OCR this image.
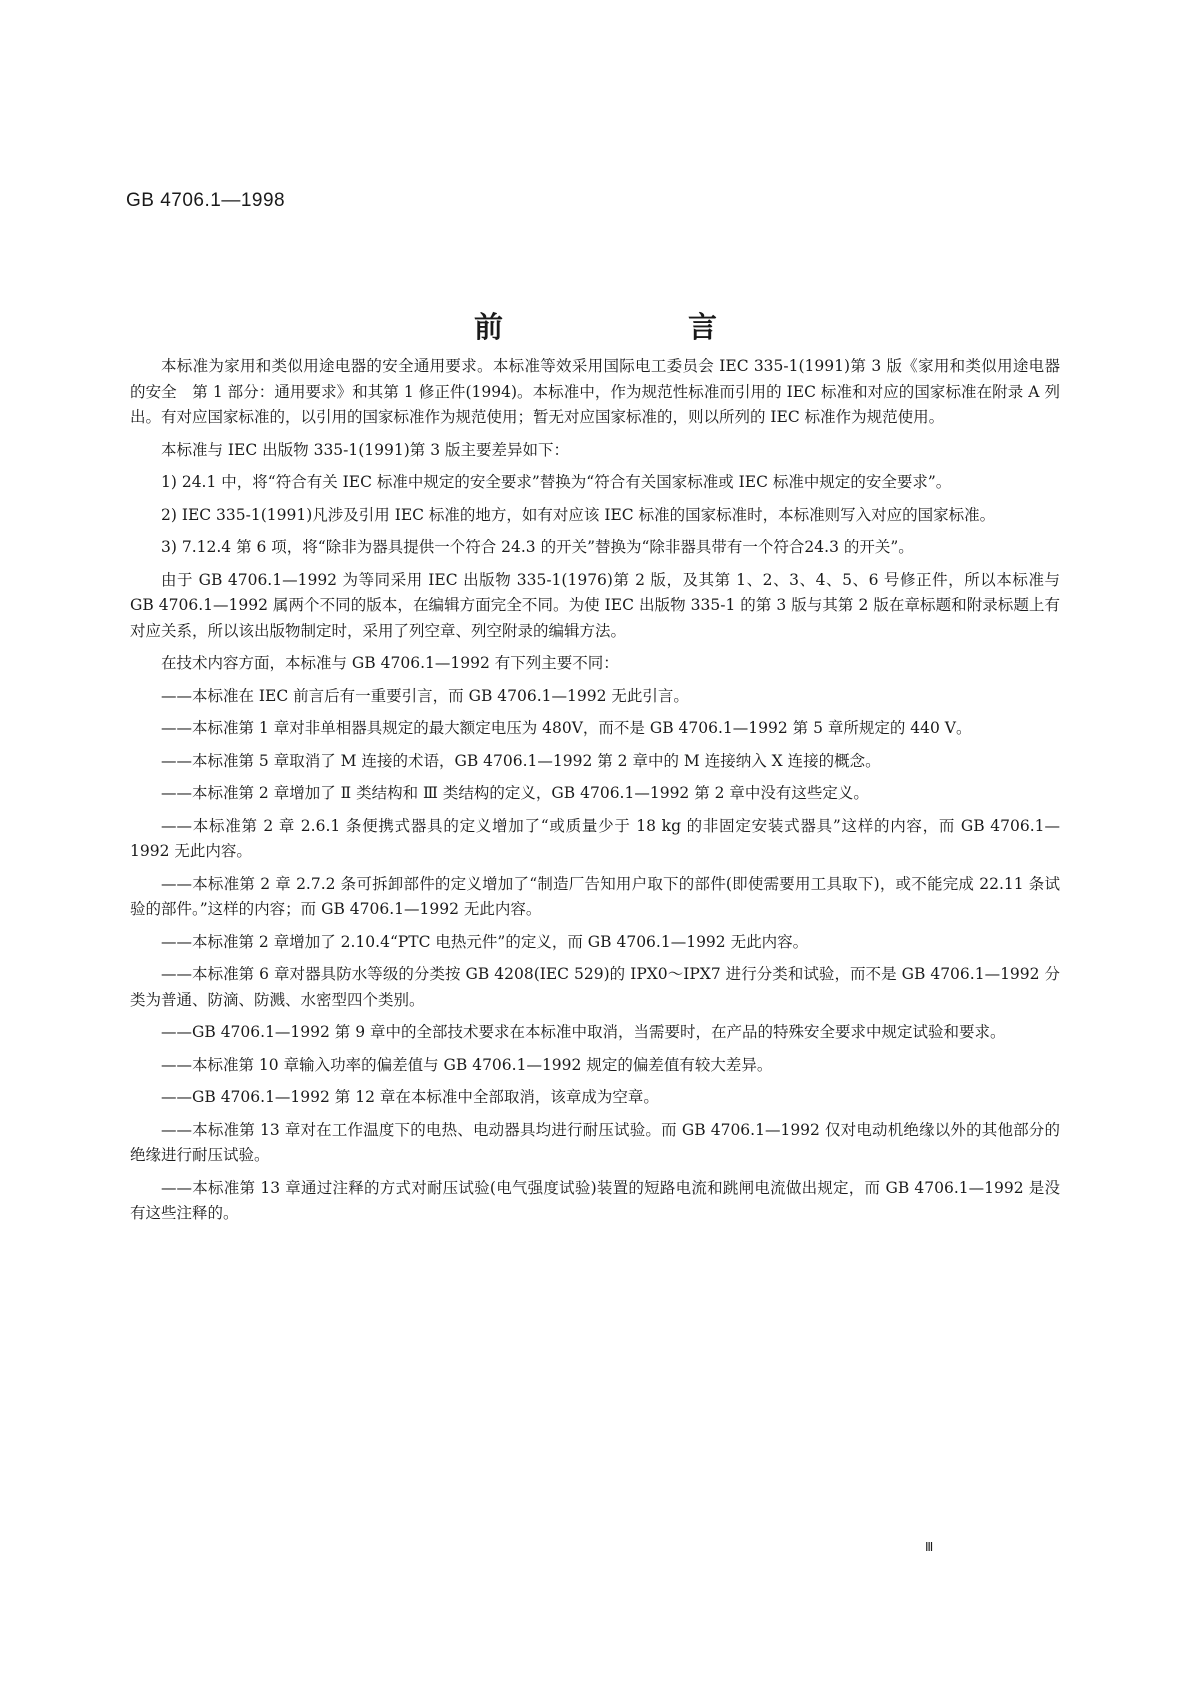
GB 4706.1—1998
前　言

本标准为家用和类似用途电器的安全通用要求。本标准等效采用国际电工委员会 IEC 335-1(1991)第 3 版《家用和类似用途电器的安全　第 1 部分：通用要求》和其第 1 修正件(1994)。本标准中，作为规范性标准而引用的 IEC 标准和对应的国家标准在附录 A 列出。有对应国家标准的，以引用的国家标准作为规范使用；暂无对应国家标准的，则以所列的 IEC 标准作为规范使用。

本标准与 IEC 出版物 335-1(1991)第 3 版主要差异如下：

1) 24.1 中，将“符合有关 IEC 标准中规定的安全要求”替换为“符合有关国家标准或 IEC 标准中规定的安全要求”。

2) IEC 335-1(1991)凡涉及引用 IEC 标准的地方，如有对应该 IEC 标准的国家标准时，本标准则写入对应的国家标准。

3) 7.12.4 第 6 项，将“除非为器具提供一个符合 24.3 的开关”替换为“除非器具带有一个符合24.3 的开关”。

由于 GB 4706.1—1992 为等同采用 IEC 出版物 335-1(1976)第 2 版，及其第 1、2、3、4、5、6 号修正件，所以本标准与 GB 4706.1—1992 属两个不同的版本，在编辑方面完全不同。为使 IEC 出版物 335-1 的第 3 版与其第 2 版在章标题和附录标题上有对应关系，所以该出版物制定时，采用了列空章、列空附录的编辑方法。

在技术内容方面，本标准与 GB 4706.1—1992 有下列主要不同：

——本标准在 IEC 前言后有一重要引言，而 GB 4706.1—1992 无此引言。

——本标准第 1 章对非单相器具规定的最大额定电压为 480V，而不是 GB 4706.1—1992 第 5 章所规定的 440 V。

——本标准第 5 章取消了 M 连接的术语，GB 4706.1—1992 第 2 章中的 M 连接纳入 X 连接的概念。

——本标准第 2 章增加了 Ⅱ 类结构和 Ⅲ 类结构的定义，GB 4706.1—1992 第 2 章中没有这些定义。

——本标准第 2 章 2.6.1 条便携式器具的定义增加了“或质量少于 18 kg 的非固定安装式器具”这样的内容，而 GB 4706.1—1992 无此内容。

——本标准第 2 章 2.7.2 条可拆卸部件的定义增加了“制造厂告知用户取下的部件(即使需要用工具取下)，或不能完成 22.11 条试验的部件。”这样的内容；而 GB 4706.1—1992 无此内容。

——本标准第 2 章增加了 2.10.4“PTC 电热元件”的定义，而 GB 4706.1—1992 无此内容。

——本标准第 6 章对器具防水等级的分类按 GB 4208(IEC 529)的 IPX0～IPX7 进行分类和试验，而不是 GB 4706.1—1992 分类为普通、防滴、防溅、水密型四个类别。

——GB 4706.1—1992 第 9 章中的全部技术要求在本标准中取消，当需要时，在产品的特殊安全要求中规定试验和要求。

——本标准第 10 章输入功率的偏差值与 GB 4706.1—1992 规定的偏差值有较大差异。

——GB 4706.1—1992 第 12 章在本标准中全部取消，该章成为空章。

——本标准第 13 章对在工作温度下的电热、电动器具均进行耐压试验。而 GB 4706.1—1992 仅对电动机绝缘以外的其他部分的绝缘进行耐压试验。

——本标准第 13 章通过注释的方式对耐压试验(电气强度试验)装置的短路电流和跳闸电流做出规定，而 GB 4706.1—1992 是没有这些注释的。

Ⅲ
